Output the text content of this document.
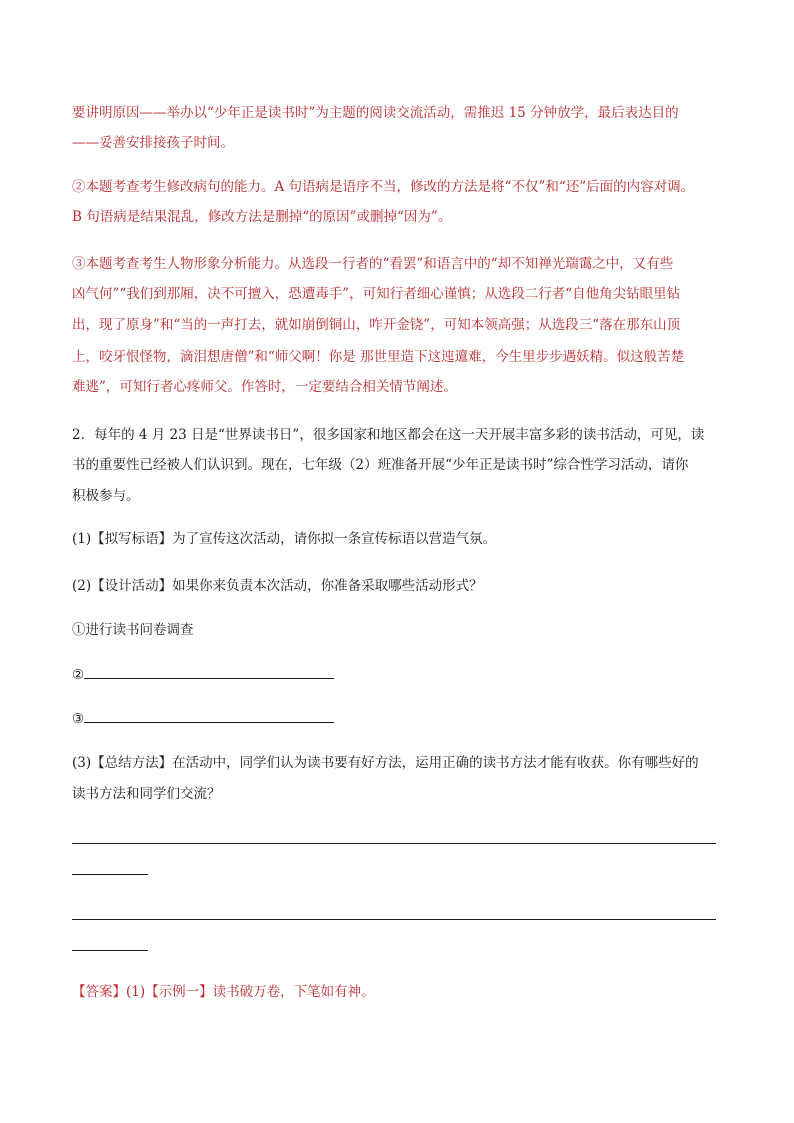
要讲明原因——举办以“少年正是读书时”为主题的阅读交流活动，需推迟 15 分钟放学，最后表达目的
——妥善安排接孩子时间。
②本题考查考生修改病句的能力。A 句语病是语序不当，修改的方法是将“不仅”和“还”后面的内容对调。
B 句语病是结果混乱，修改方法是删掉“的原因”或删掉“因为”。
③本题考查考生人物形象分析能力。从选段一行者的“看罢”和语言中的“却不知禅光瑞霭之中，又有些
凶气何”“我们到那厢，决不可擅入，恐遭毒手”，可知行者细心谨慎；从选段二行者“自他角尖钻眼里钻
出，现了原身”和“当的一声打去，就如崩倒铜山，咋开金铙”，可知本领高强；从选段三“落在那东山顶
上，咬牙恨怪物，滴泪想唐僧”和“师父啊！你是 那世里造下这迍邅难，今生里步步遇妖精。似这般苦楚
难逃”，可知行者心疼师父。作答时，一定要结合相关情节阐述。
2．每年的 4 月 23 日是“世界读书日”，很多国家和地区都会在这一天开展丰富多彩的读书活动，可见，读
书的重要性已经被人们认识到。现在，七年级（2）班准备开展“少年正是读书时”综合性学习活动，请你
积极参与。
(1)【拟写标语】为了宣传这次活动，请你拟一条宣传标语以营造气氛。
(2)【设计活动】如果你来负责本次活动，你准备采取哪些活动形式？
①进行读书问卷调查
②
③
(3)【总结方法】在活动中，同学们认为读书要有好方法，运用正确的读书方法才能有收获。你有哪些好的
读书方法和同学们交流？
【答案】(1)【示例一】读书破万卷，下笔如有神。
